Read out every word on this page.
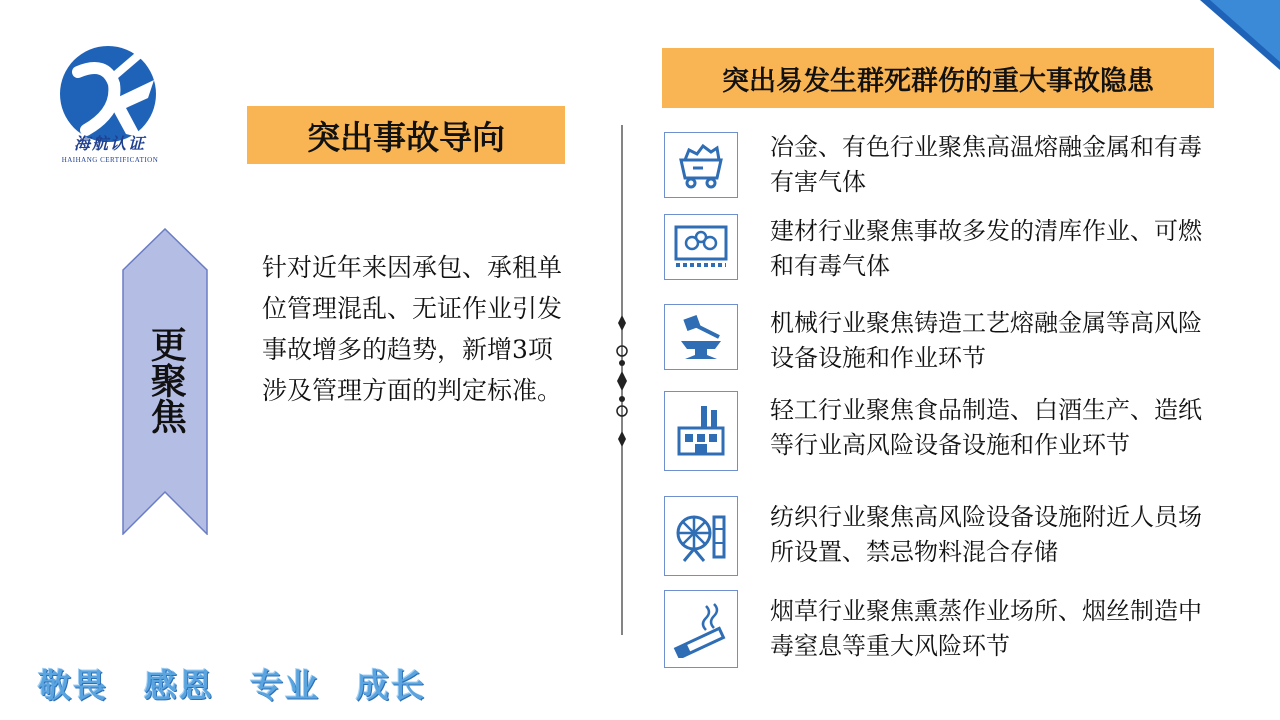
海航认证
HAIHANG CERTIFICATION
突出事故导向
更聚焦
针对近年来因承包、承租单位管理混乱、无证作业引发事故增多的趋势，新增3项涉及管理方面的判定标准。
突出易发生群死群伤的重大事故隐患
冶金、有色行业聚焦高温熔融金属和有毒有害气体
建材行业聚焦事故多发的清库作业、可燃和有毒气体
机械行业聚焦铸造工艺熔融金属等高风险设备设施和作业环节
轻工行业聚焦食品制造、白酒生产、造纸等行业高风险设备设施和作业环节
纺织行业聚焦高风险设备设施附近人员场所设置、禁忌物料混合存储
烟草行业聚焦熏蒸作业场所、烟丝制造中毒窒息等重大风险环节
敬畏 感恩 专业 成长
